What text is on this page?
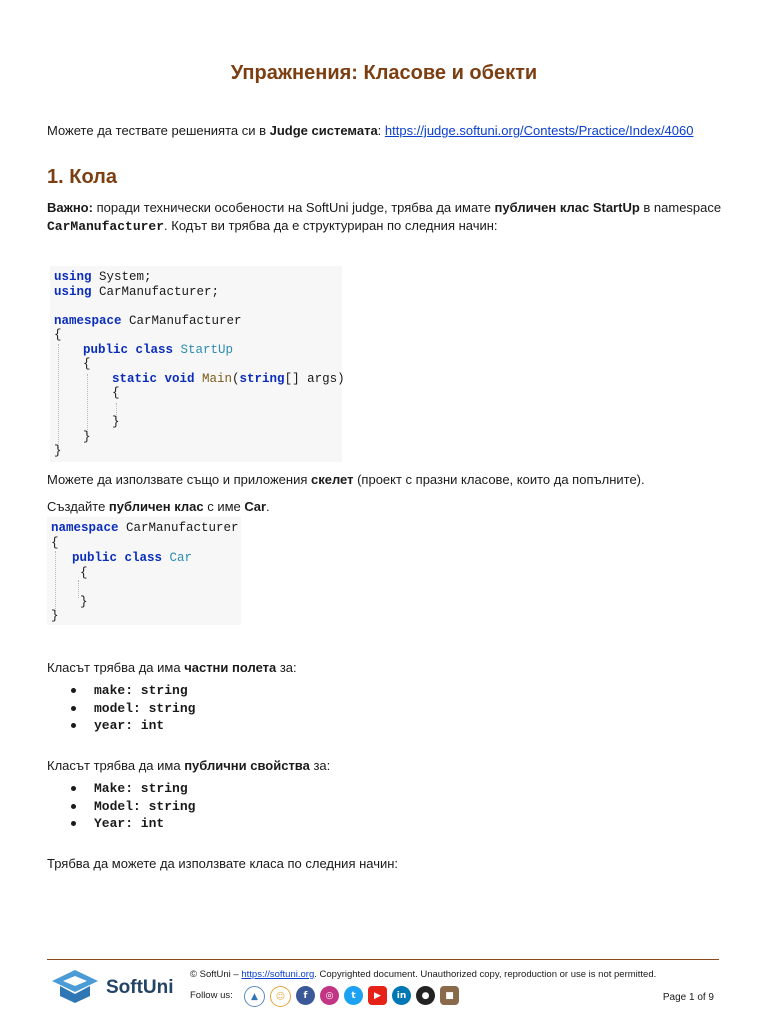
Упражнения: Класове и обекти
Можете да тествате решенията си в Judge системата: https://judge.softuni.org/Contests/Practice/Index/4060
1. Кола
Важно: поради технически особености на SoftUni judge, трябва да имате публичен клас StartUp в namespace
CarManufacturer. Кодът ви трябва да е структуриран по следния начин:
using System;
using CarManufacturer;
namespace CarManufacturer
{
public class StartUp
{
static void Main(string[] args)
{
}
}
}
Можете да използвате също и приложения скелет (проект с празни класове, които да попълните).
Създайте публичен клас с име Car.
namespace CarManufacturer
{
public class Car
{
}
}
Класът трябва да има частни полета за:
make: string
model: string
year: int
Класът трябва да има публични свойства за:
Make: string
Model: string
Year: int
Трябва да можете да използвате класа по следния начин:
SoftUni
© SoftUni – https://softuni.org. Copyrighted document. Unauthorized copy, reproduction or use is not permitted.
Follow us:	▲	☺	f	◎	t	▶	in	●	■	Page 1 of 9
